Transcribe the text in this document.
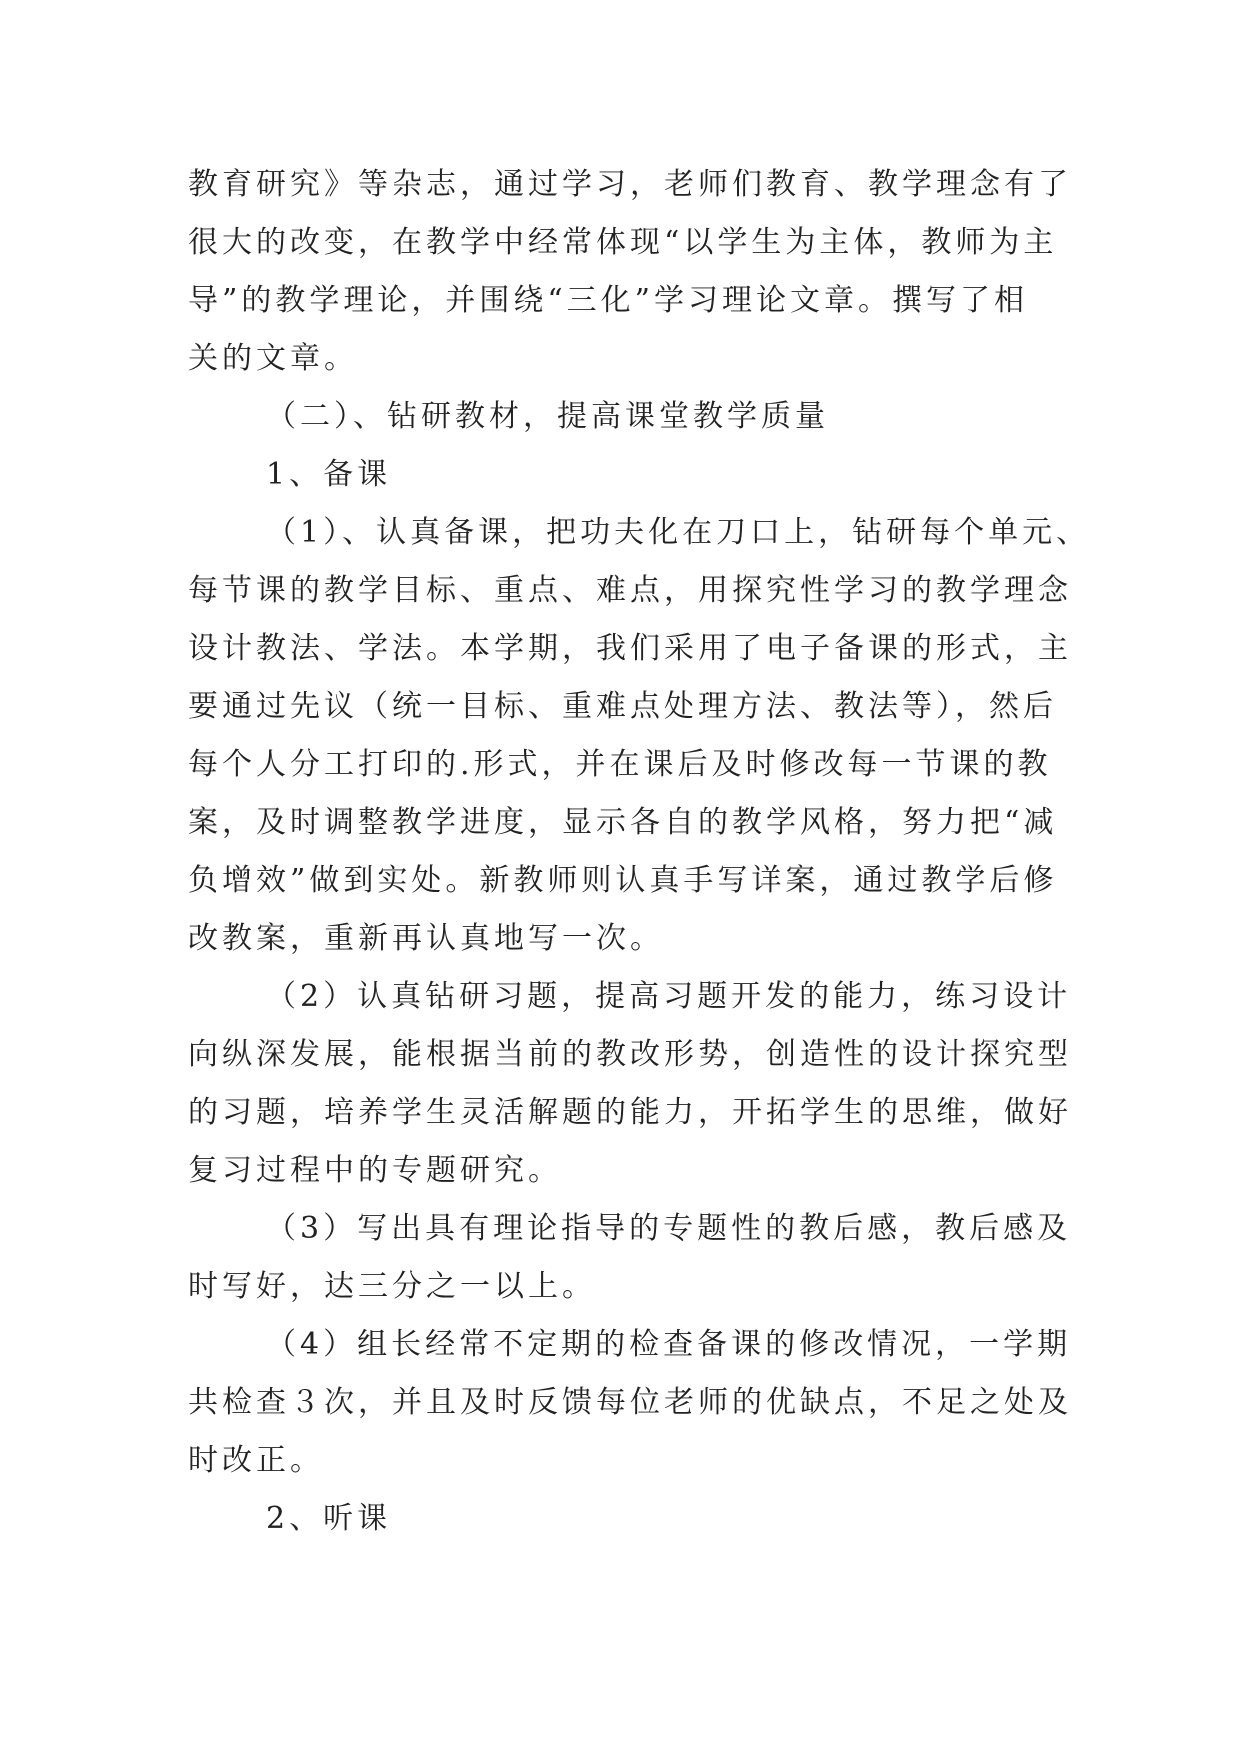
教育研究》等杂志，通过学习，老师们教育、教学理念有了
很大的改变，在教学中经常体现“以学生为主体，教师为主
导”的教学理论，并围绕“三化”学习理论文章。撰写了相
关的文章。
（二）、钻研教材，提高课堂教学质量
1、备课
（1）、认真备课，把功夫化在刀口上，钻研每个单元、
每节课的教学目标、重点、难点，用探究性学习的教学理念
设计教法、学法。本学期，我们采用了电子备课的形式，主
要通过先议（统一目标、重难点处理方法、教法等），然后
每个人分工打印的.形式，并在课后及时修改每一节课的教
案，及时调整教学进度，显示各自的教学风格，努力把“减
负增效”做到实处。新教师则认真手写详案，通过教学后修
改教案，重新再认真地写一次。
（2）认真钻研习题，提高习题开发的能力，练习设计
向纵深发展，能根据当前的教改形势，创造性的设计探究型
的习题，培养学生灵活解题的能力，开拓学生的思维，做好
复习过程中的专题研究。
（3）写出具有理论指导的专题性的教后感，教后感及
时写好，达三分之一以上。
（4）组长经常不定期的检查备课的修改情况，一学期
共检查３次，并且及时反馈每位老师的优缺点，不足之处及
时改正。
2、听课
